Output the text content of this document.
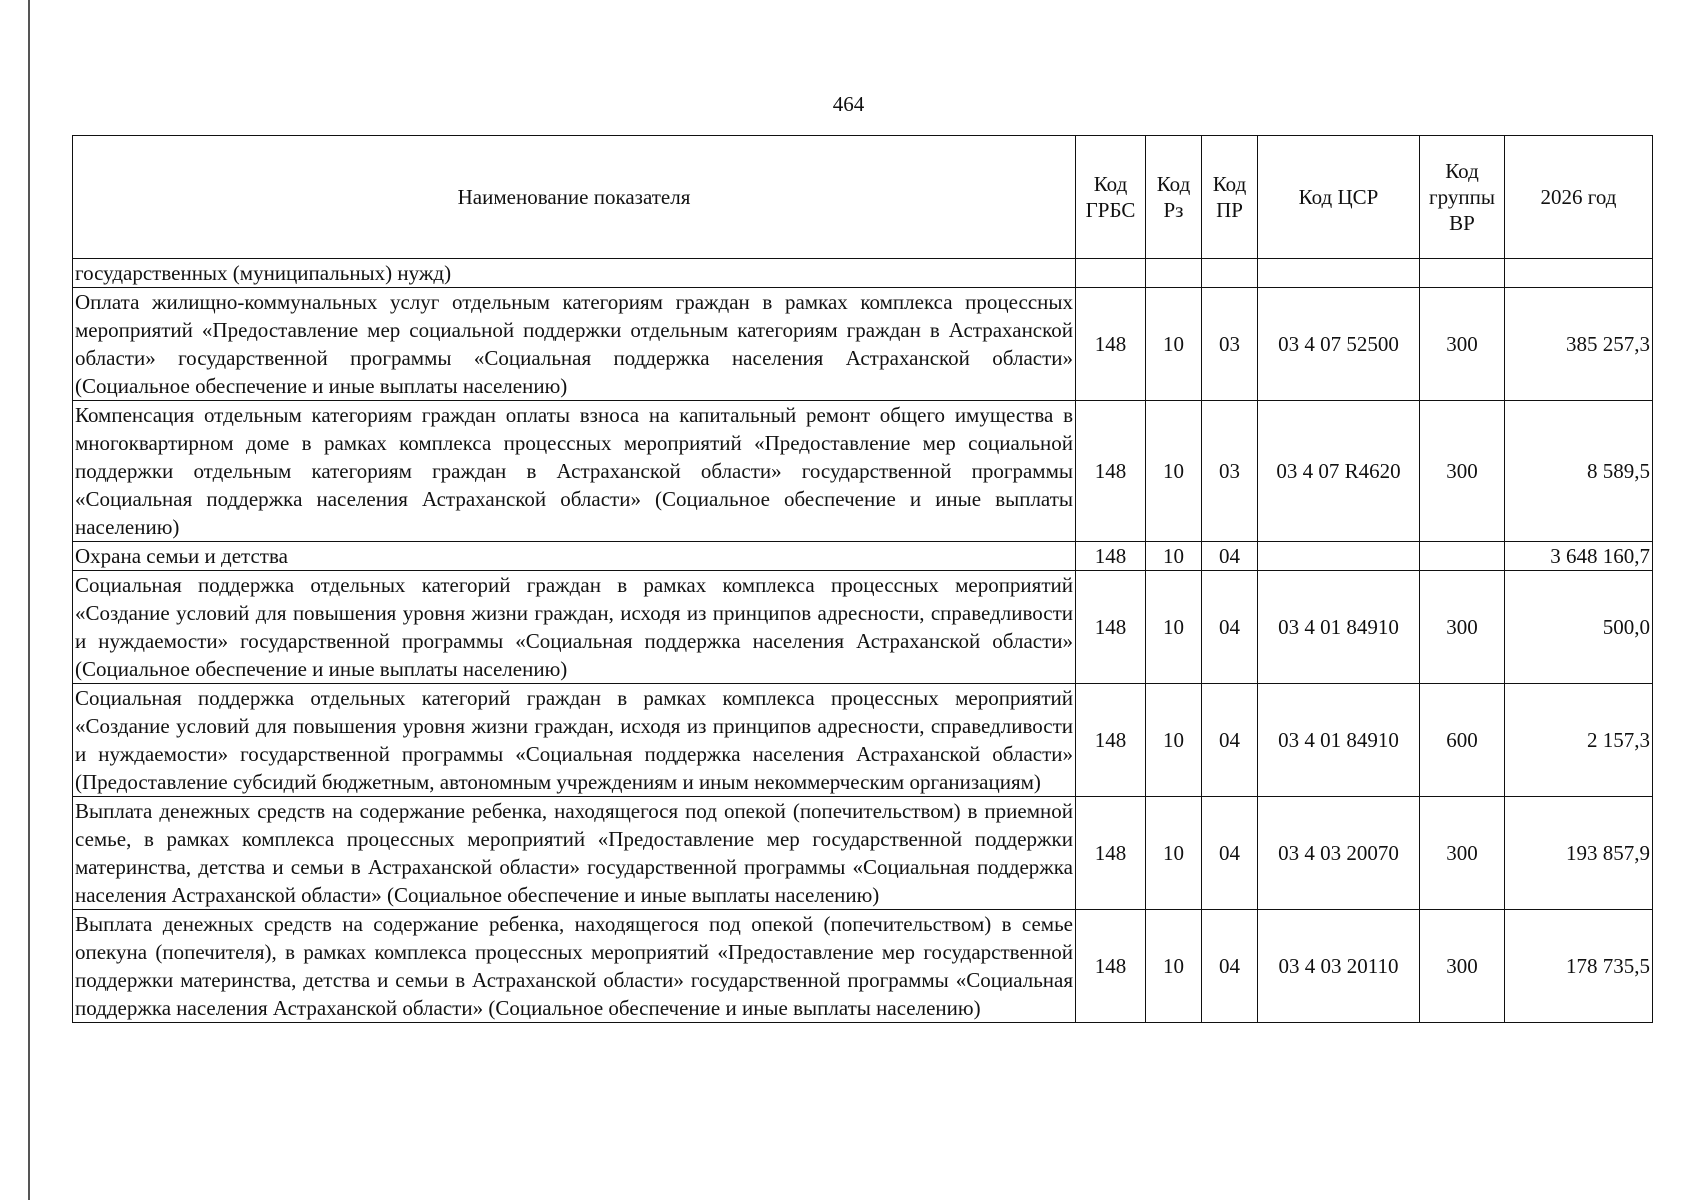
464
Наименование показателя	Код ГРБС	Код Рз	Код ПР	Код ЦСР	Код группы ВР	2026 год
государственных (муниципальных) нужд)						
Оплата жилищно-коммунальных услуг отдельным категориям граждан в рамках комплекса процессных мероприятий «Предоставление мер социальной поддержки отдельным категориям граждан в Астраханской области» государственной программы «Социальная поддержка населения Астраханской области» (Социальное обеспечение и иные выплаты населению)	148	10	03	03 4 07 52500	300	385 257,3
Компенсация отдельным категориям граждан оплаты взноса на капитальный ремонт общего имущества в многоквартирном доме в рамках комплекса процессных мероприятий «Предоставление мер социальной поддержки отдельным категориям граждан в Астраханской области» государственной программы «Социальная поддержка населения Астраханской области» (Социальное обеспечение и иные выплаты населению)	148	10	03	03 4 07 R4620	300	8 589,5
Охрана семьи и детства	148	10	04			3 648 160,7
Социальная поддержка отдельных категорий граждан в рамках комплекса процессных мероприятий «Создание условий для повышения уровня жизни граждан, исходя из принципов адресности, справедливости и нуждаемости» государственной программы «Социальная поддержка населения Астраханской области» (Социальное обеспечение и иные выплаты населению)	148	10	04	03 4 01 84910	300	500,0
Социальная поддержка отдельных категорий граждан в рамках комплекса процессных мероприятий «Создание условий для повышения уровня жизни граждан, исходя из принципов адресности, справедливости и нуждаемости» государственной программы «Социальная поддержка населения Астраханской области» (Предоставление субсидий бюджетным, автономным учреждениям и иным некоммерческим организациям)	148	10	04	03 4 01 84910	600	2 157,3
Выплата денежных средств на содержание ребенка, находящегося под опекой (попечительством) в приемной семье, в рамках комплекса процессных мероприятий «Предоставление мер государственной поддержки материнства, детства и семьи в Астраханской области» государственной программы «Социальная поддержка населения Астраханской области» (Социальное обеспечение и иные выплаты населению)	148	10	04	03 4 03 20070	300	193 857,9
Выплата денежных средств на содержание ребенка, находящегося под опекой (попечительством) в семье опекуна (попечителя), в рамках комплекса процессных мероприятий «Предоставление мер государственной поддержки материнства, детства и семьи в Астраханской области» государственной программы «Социальная поддержка населения Астраханской области» (Социальное обеспечение и иные выплаты населению)	148	10	04	03 4 03 20110	300	178 735,5
